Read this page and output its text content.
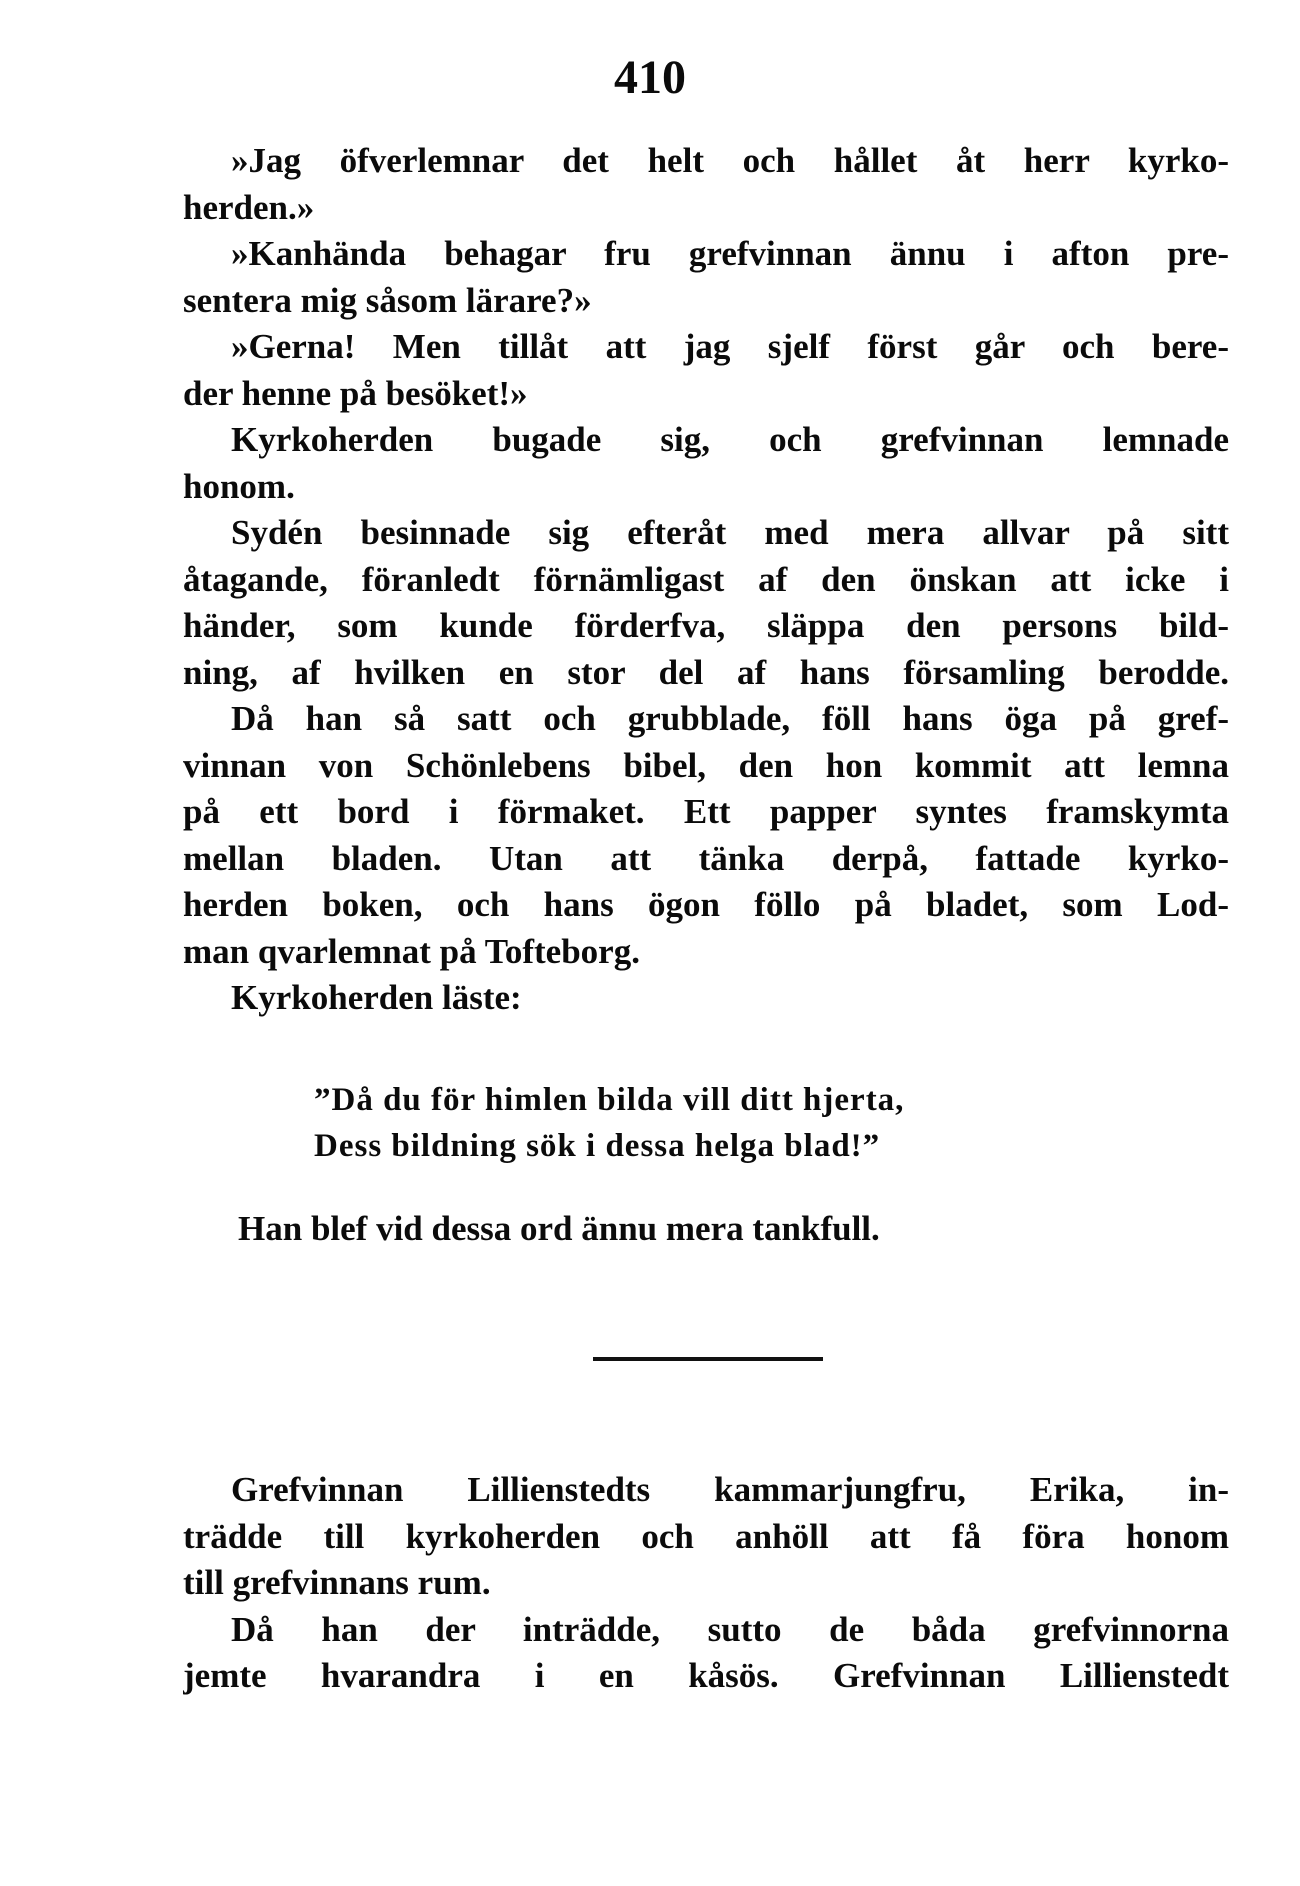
410
»Jag öfverlemnar det helt och hållet åt herr kyrko-
herden.»
»Kanhända behagar fru grefvinnan ännu i afton pre-
sentera mig såsom lärare?»
»Gerna! Men tillåt att jag sjelf först går och bere-
der henne på besöket!»
Kyrkoherden bugade sig, och grefvinnan lemnade
honom.
Sydén besinnade sig efteråt med mera allvar på sitt
åtagande, föranledt förnämligast af den önskan att icke i
händer, som kunde förderfva, släppa den persons bild-
ning, af hvilken en stor del af hans församling berodde.
Då han så satt och grubblade, föll hans öga på gref-
vinnan von Schönlebens bibel, den hon kommit att lemna
på ett bord i förmaket. Ett papper syntes framskymta
mellan bladen. Utan att tänka derpå, fattade kyrko-
herden boken, och hans ögon föllo på bladet, som Lod-
man qvarlemnat på Tofteborg.
Kyrkoherden läste:
”Då du för himlen bilda vill ditt hjerta,
Dess bildning sök i dessa helga blad!”
Han blef vid dessa ord ännu mera tankfull.
Grefvinnan Lillienstedts kammarjungfru, Erika, in-
trädde till kyrkoherden och anhöll att få föra honom
till grefvinnans rum.
Då han der inträdde, sutto de båda grefvinnorna
jemte hvarandra i en kåsös. Grefvinnan Lillienstedt
